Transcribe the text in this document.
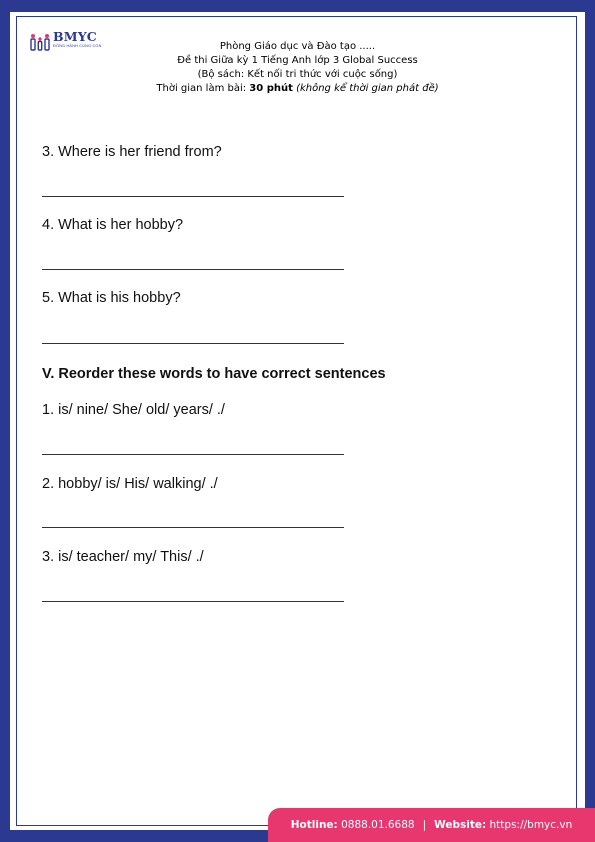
BMYC
ĐỒNG HÀNH CÙNG CON	Phòng Giáo dục và Đào tạo .....
Đề thi Giữa kỳ 1 Tiếng Anh lớp 3 Global Success
(Bộ sách: Kết nối tri thức với cuộc sống)
Thời gian làm bài: 30 phút (không kể thời gian phát đề)
3. Where is her friend from?
4. What is her hobby?
5. What is his hobby?
V. Reorder these words to have correct sentences
1. is/ nine/ She/ old/ years/ ./
2. hobby/ is/ His/ walking/ ./
3. is/ teacher/ my/ This/ ./
Hotline:
0888.01.6688 | Website:
https://bmyc.vn
